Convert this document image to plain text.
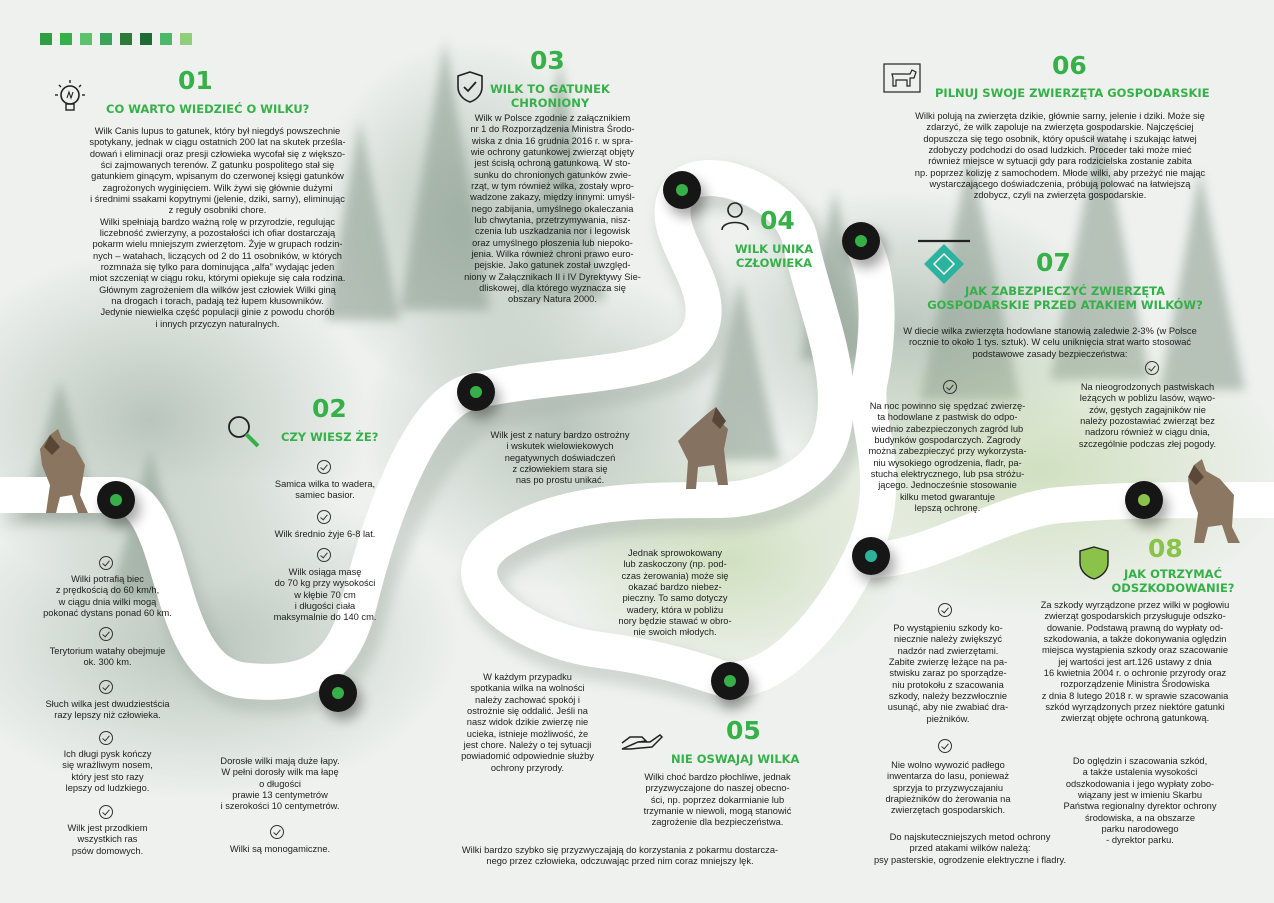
01
CO WARTO WIEDZIEĆ O WILKU?
Wilk Canis lupus to gatunek, który był niegdyś powszechnie
spotykany, jednak w ciągu ostatnich 200 lat na skutek prześla-
dowań i eliminacji oraz presji człowieka wycofał się z większo-
ści zajmowanych terenów. Z gatunku pospolitego stał się
gatunkiem ginącym, wpisanym do czerwonej księgi gatunków
zagrożonych wyginięciem. Wilk żywi się głównie dużymi
i średnimi ssakami kopytnymi (jelenie, dziki, sarny), eliminując
z reguły osobniki chore.
Wilki spełniają bardzo ważną rolę w przyrodzie, regulując
liczebność zwierzyny, a pozostałości ich ofiar dostarczają
pokarm wielu mniejszym zwierzętom. Żyje w grupach rodzin-
nych – watahach, liczących od 2 do 11 osobników, w których
rozmnaża się tylko para dominująca „alfa” wydając jeden
miot szczeniąt w ciągu roku, którymi opiekuje się cała rodzina.
Głównym zagrożeniem dla wilków jest człowiek Wilki giną
na drogach i torach, padają też łupem kłusowników.
Jedynie niewielka część populacji ginie z powodu chorób
i innych przyczyn naturalnych.
02
CZY WIESZ ŻE?
Samica wilka to wadera,
samiec basior.
Wilk średnio żyje 6-8 lat.
Wilk osiąga masę
do 70 kg przy wysokości
w kłębie 70 cm
i długości ciała
maksymalnie do 140 cm.
Wilki potrafią biec
z prędkością do 60 km/h,
w ciągu dnia wilki mogą
pokonać dystans ponad 60 km.
Terytorium watahy obejmuje
ok. 300 km.
Słuch wilka jest dwudziestścia
razy lepszy niż człowieka.
Ich długi pysk kończy
się wrażliwym nosem,
który jest sto razy
lepszy od ludzkiego.
Wilk jest przodkiem
wszystkich ras
psów domowych.
Dorosłe wilki mają duże łapy.
W pełni dorosły wilk ma łapę
o długości
prawie 13 centymetrów
i szerokości 10 centymetrów.
Wilki są monogamiczne.
03
WILK TO GATUNEK
CHRONIONY
Wilk w Polsce zgodnie z załącznikiem
nr 1 do Rozporządzenia Ministra Środo-
wiska z dnia 16 grudnia 2016 r. w spra-
wie ochrony gatunkowej zwierząt objęty
jest ścisłą ochroną gatunkową. W sto-
sunku do chronionych gatunków zwie-
rząt, w tym również wilka, zostały wpro-
wadzone zakazy, między innymi: umyśl-
nego zabijania, umyślnego okaleczania
lub chwytania, przetrzymywania, nisz-
czenia lub uszkadzania nor i legowisk
oraz umyślnego płoszenia lub niepoko-
jenia. Wilka również chroni prawo euro-
pejskie. Jako gatunek został uwzględ-
niony w Załącznikach II i IV Dyrektywy Sie-
dliskowej, dla którego wyznacza się
obszary Natura 2000.
04
WILK UNIKA
CZŁOWIEKA
Wilk jest z natury bardzo ostrożny
i wskutek wielowiekowych
negatywnych doświadczeń
z człowiekiem stara się
nas po prostu unikać.
Jednak sprowokowany
lub zaskoczony (np. pod-
czas żerowania) może się
okazać bardzo niebez-
pieczny. To samo dotyczy
wadery, która w pobliżu
nory będzie stawać w obro-
nie swoich młodych.
05
NIE OSWAJAJ WILKA
W każdym przypadku
spotkania wilka na wolności
należy zachować spokój i
ostrożnie się oddalić. Jeśli na
nasz widok dzikie zwierzę nie
ucieka, istnieje możliwość, że
jest chore. Należy o tej sytuacji
powiadomić odpowiednie służby
ochrony przyrody.
Wilki choć bardzo płochliwe, jednak
przyzwyczajone do naszej obecno-
ści, np. poprzez dokarmianie lub
trzymanie w niewoli, mogą stanowić
zagrożenie dla bezpieczeństwa.
Wilki bardzo szybko się przyzwyczajają do korzystania z pokarmu dostarcza-
nego przez człowieka, odczuwając przed nim coraz mniejszy lęk.
06
PILNUJ SWOJE ZWIERZĘTA GOSPODARSKIE
Wilki polują na zwierzęta dzikie, głównie sarny, jelenie i dziki. Może się
zdarzyć, że wilk zapoluje na zwierzęta gospodarskie. Najczęściej
dopuszcza się tego osobnik, który opuścił watahę i szukając łatwej
zdobyczy podchodzi do osad ludzkich. Proceder taki może mieć
również miejsce w sytuacji gdy para rodzicielska zostanie zabita
np. poprzez kolizję z samochodem. Młode wilki, aby przeżyć nie mając
wystarczającego doświadczenia, próbują polować na łatwiejszą
zdobycz, czyli na zwierzęta gospodarskie.
07
JAK ZABEZPIECZYĆ ZWIERZĘTA
GOSPODARSKIE PRZED ATAKIEM WILKÓW?
W diecie wilka zwierzęta hodowlane stanowią zaledwie 2-3% (w Polsce
rocznie to około 1 tys. sztuk). W celu uniknięcia strat warto stosować
podstawowe zasady bezpieczeństwa:
Na noc powinno się spędzać zwierzę-
ta hodowlane z pastwisk do odpo-
wiednio zabezpieczonych zagród lub
budynków gospodarczych. Zagrody
można zabezpieczyć przy wykorzysta-
niu wysokiego ogrodzenia, fladr, pa-
stucha elektrycznego, lub psa stróżu-
jącego. Jednocześnie stosowanie
kilku metod gwarantuje
lepszą ochronę.
Na nieogrodzonych pastwiskach
leżących w pobliżu lasów, wąwo-
zów, gęstych zagajników nie
należy pozostawiać zwierząt bez
nadzoru również w ciągu dnia,
szczególnie podczas złej pogody.
08
JAK OTRZYMAĆ
ODSZKODOWANIE?
Za szkody wyrządzone przez wilki w pogłowiu
zwierząt gospodarskich przysługuje odszko-
dowanie. Podstawą prawną do wypłaty od-
szkodowania, a także dokonywania oględzin
miejsca wystąpienia szkody oraz szacowanie
jej wartości jest art.126 ustawy z dnia
16 kwietnia 2004 r. o ochronie przyrody oraz
rozporządzenie Ministra Środowiska
z dnia 8 lutego 2018 r. w sprawie szacowania
szkód wyrządzonych przez niektóre gatunki
zwierząt objęte ochroną gatunkową.
Do oględzin i szacowania szkód,
a także ustalenia wysokości
odszkodowania i jego wypłaty zobo-
wiązany jest w imieniu Skarbu
Państwa regionalny dyrektor ochrony
środowiska, a na obszarze
parku narodowego
- dyrektor parku.
Po wystąpieniu szkody ko-
niecznie należy zwiększyć
nadzór nad zwierzętami.
Zabite zwierzę leżące na pa-
stwisku zaraz po sporządze-
niu protokołu z szacowania
szkody, należy bezzwłocznie
usunąć, aby nie zwabiać dra-
pieżników.
Nie wolno wywozić padłego
inwentarza do lasu, ponieważ
sprzyja to przyzwyczajaniu
drapieżników do żerowania na
zwierzętach gospodarskich.
Do najskuteczniejszych metod ochrony
przed atakami wilków należą:
psy pasterskie, ogrodzenie elektryczne i fladry.
